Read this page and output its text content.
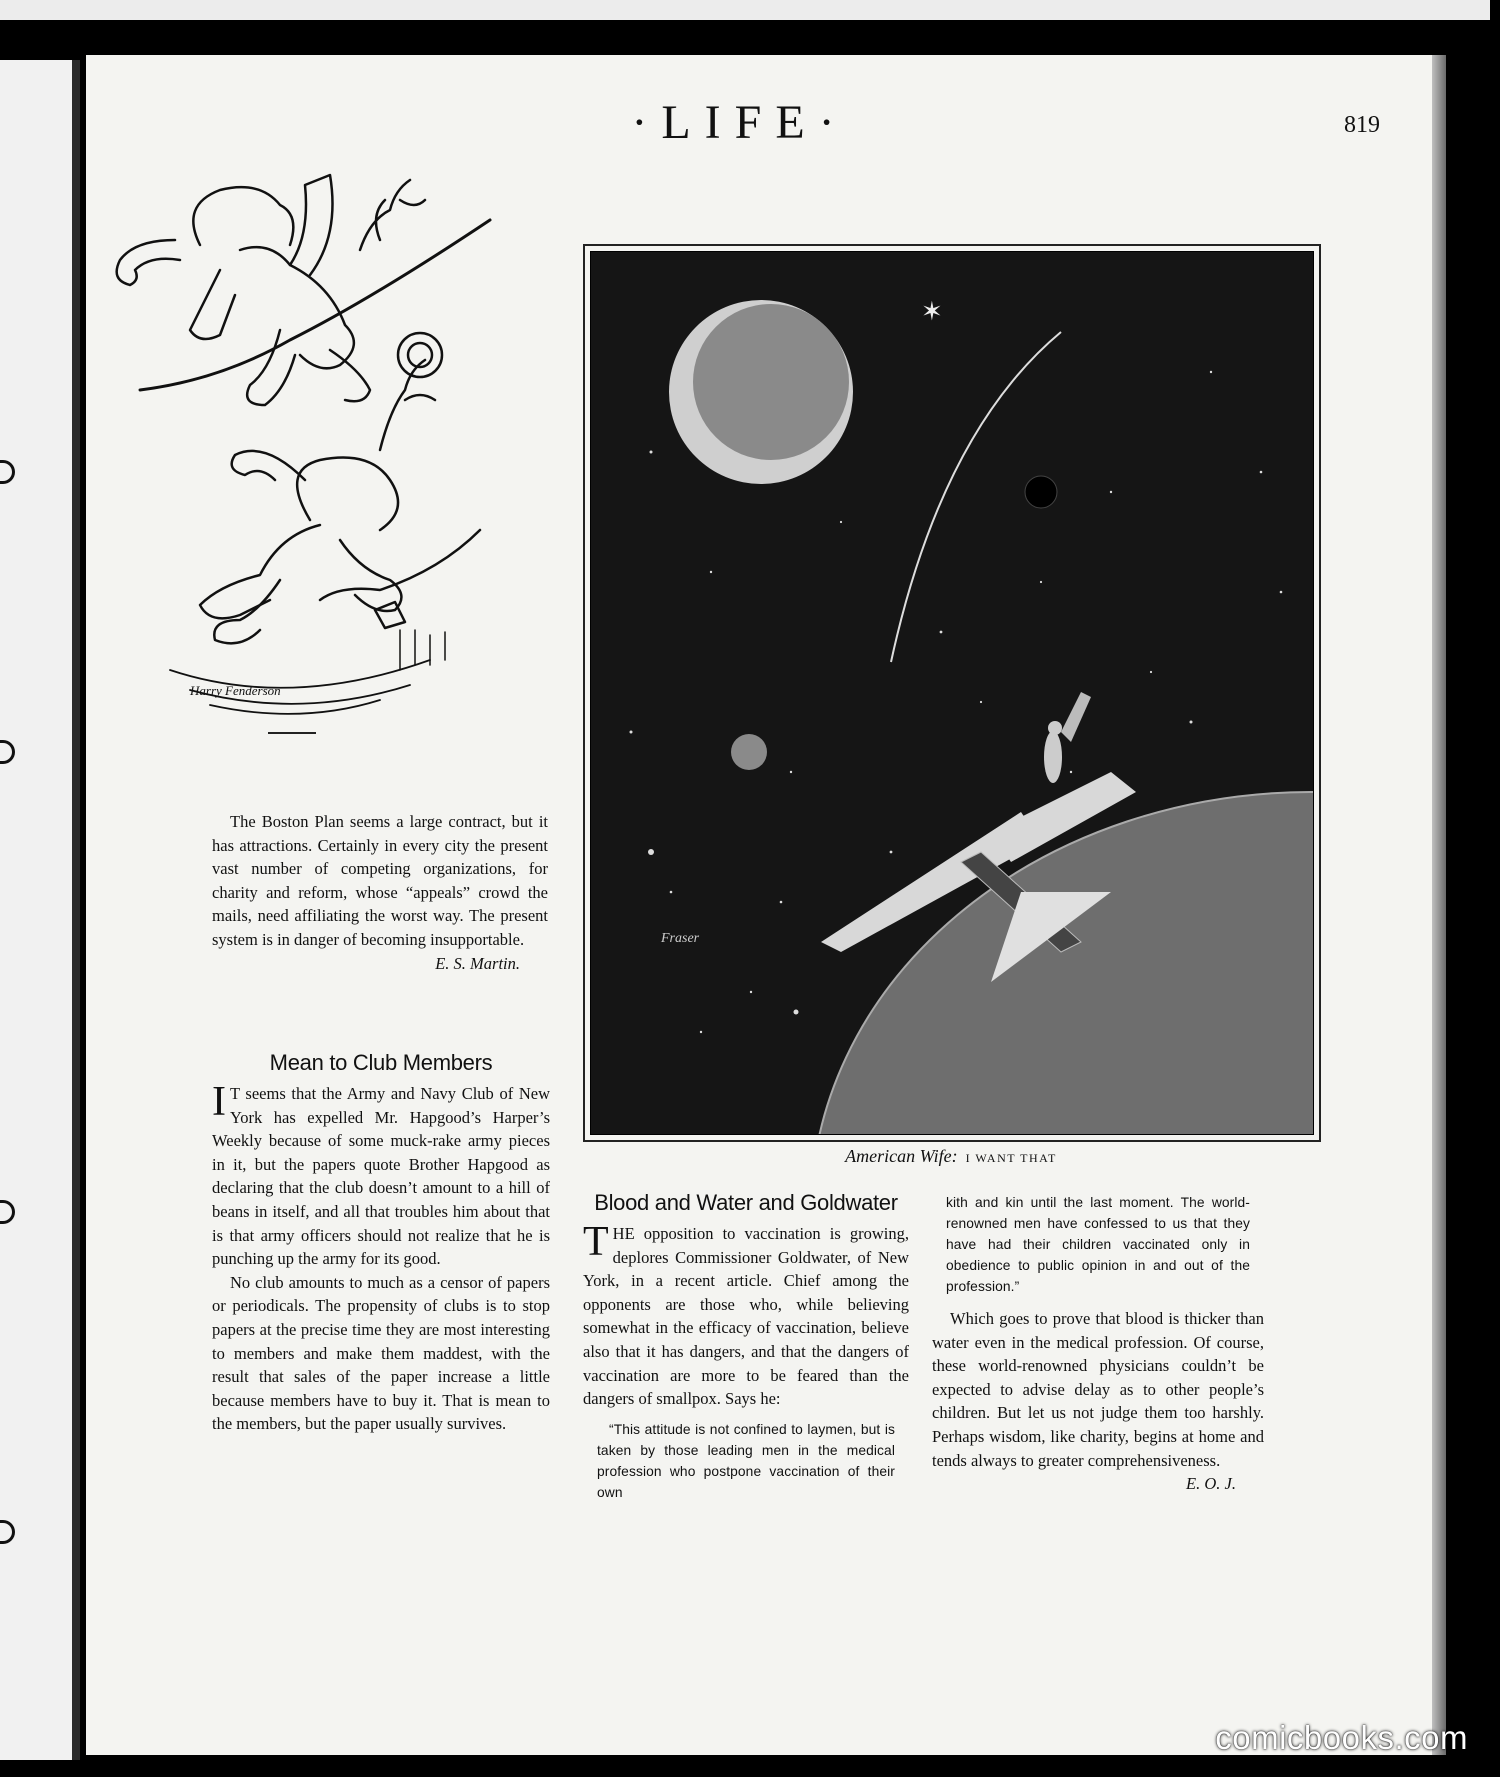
·LIFE·	819
Harry Fenderson

The Boston Plan seems a large contract, but it has attractions. Certainly in every city the present vast number of competing organizations, for charity and reform, whose “appeals” crowd the mails, need affiliating the worst way. The present system is in danger of becoming insupportable.

E. S. Martin.
Mean to Club Members

I T seems that the Army and Navy Club of New York has expelled Mr. Hapgood’s Harper’s Weekly because of some muck-rake army pieces in it, but the papers quote Brother Hapgood as declaring that the club doesn’t amount to a hill of beans in itself, and all that troubles him about that is that army officers should not realize that he is punching up the army for its good.

No club amounts to much as a censor of papers or periodicals. The propensity of clubs is to stop papers at the precise time they are most interesting to members and make them maddest, with the result that sales of the paper increase a little because members have to buy it. That is mean to the members, but the paper usually survives.

✶
Fraser
American Wife: I WANT THAT
Blood and Water and Goldwater

THE opposition to vaccination is growing, deplores Commissioner Goldwater, of New York, in a recent article. Chief among the opponents are those who, while believing somewhat in the efficacy of vaccination, believe also that it has dangers, and that the dangers of vaccination are more to be feared than the dangers of smallpox. Says he:

“This attitude is not confined to laymen, but is taken by those leading men in the medical profession who postpone vaccination of their own

kith and kin until the last moment. The world-renowned men have confessed to us that they have had their children vaccinated only in obedience to public opinion in and out of the profession.”

Which goes to prove that blood is thicker than water even in the medical profession. Of course, these world-renowned physicians couldn’t be expected to advise delay as to other people’s children. But let us not judge them too harshly. Perhaps wisdom, like charity, begins at home and tends always to greater comprehensiveness.

E. O. J.
comicbooks.com
